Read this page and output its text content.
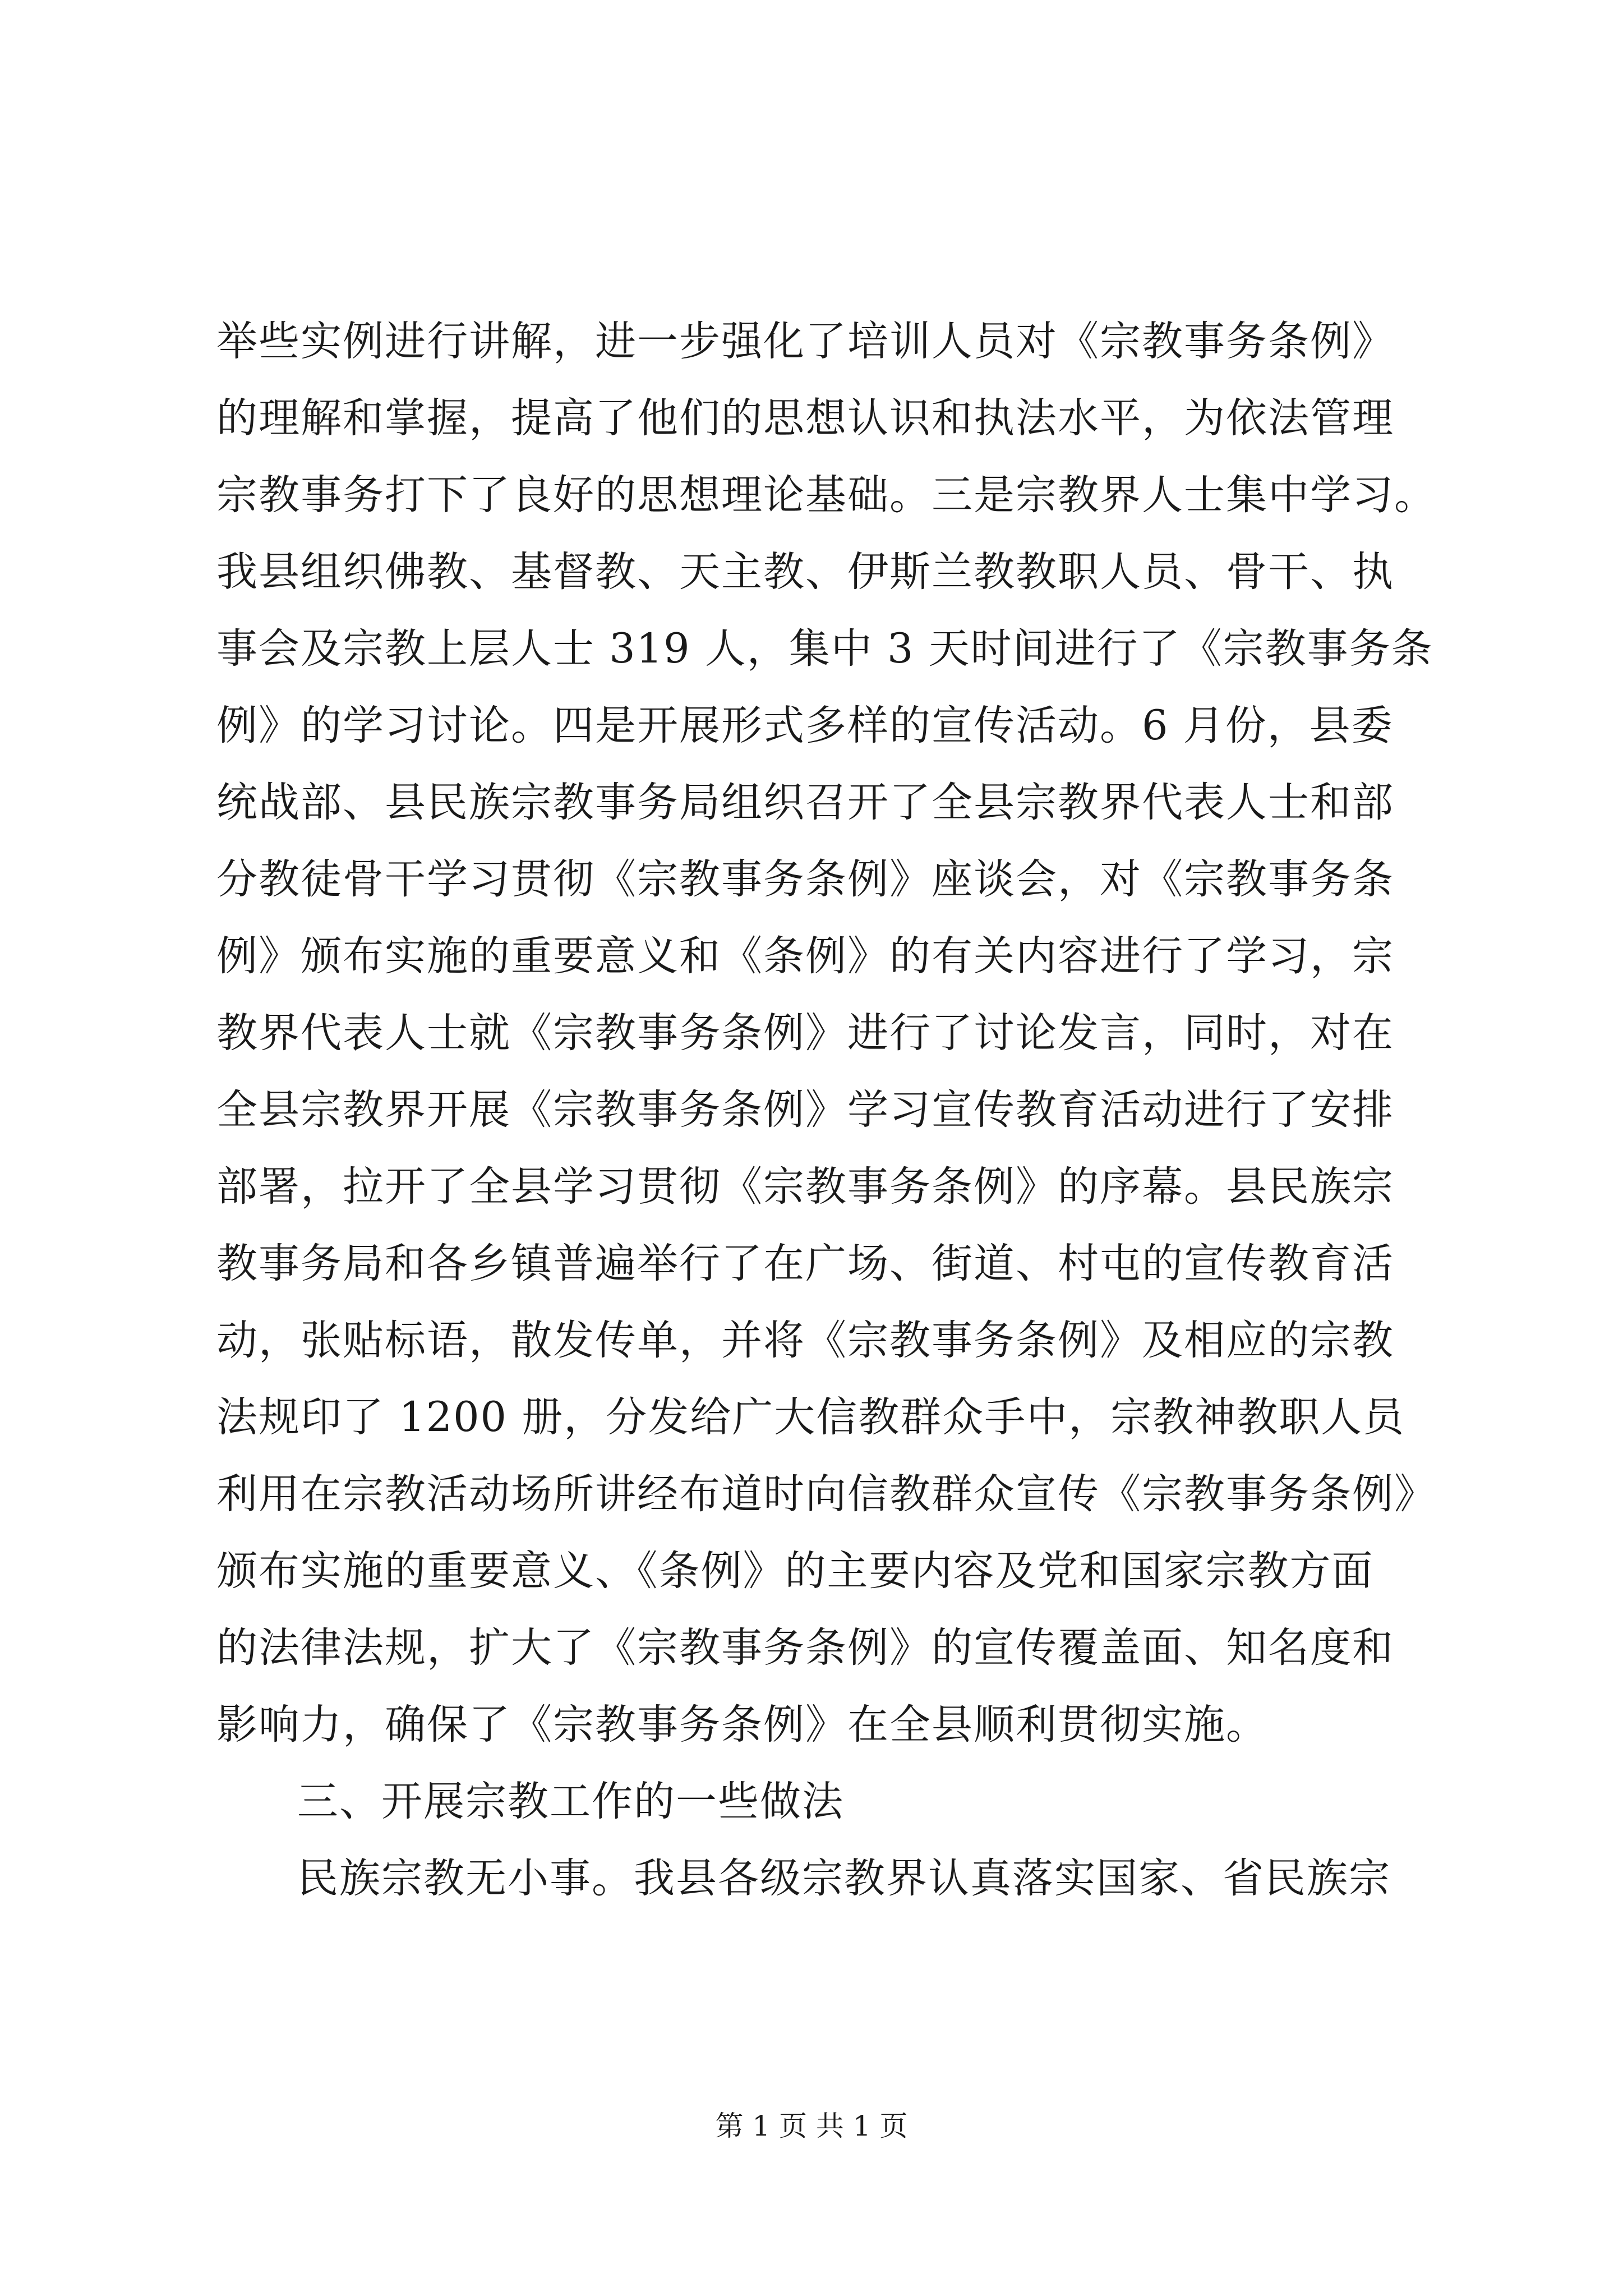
举些实例进行讲解，进一步强化了培训人员对《宗教事务条例》
的理解和掌握，提高了他们的思想认识和执法水平，为依法管理
宗教事务打下了良好的思想理论基础。三是宗教界人士集中学习。
我县组织佛教、基督教、天主教、伊斯兰教教职人员、骨干、执
事会及宗教上层人士 319 人，集中 3 天时间进行了《宗教事务条
例》的学习讨论。四是开展形式多样的宣传活动。6 月份，县委
统战部、县民族宗教事务局组织召开了全县宗教界代表人士和部
分教徒骨干学习贯彻《宗教事务条例》座谈会，对《宗教事务条
例》颁布实施的重要意义和《条例》的有关内容进行了学习，宗
教界代表人士就《宗教事务条例》进行了讨论发言，同时，对在
全县宗教界开展《宗教事务条例》学习宣传教育活动进行了安排
部署，拉开了全县学习贯彻《宗教事务条例》的序幕。县民族宗
教事务局和各乡镇普遍举行了在广场、街道、村屯的宣传教育活
动，张贴标语，散发传单，并将《宗教事务条例》及相应的宗教
法规印了 1200 册，分发给广大信教群众手中，宗教神教职人员
利用在宗教活动场所讲经布道时向信教群众宣传《宗教事务条例》
颁布实施的重要意义、《条例》的主要内容及党和国家宗教方面
的法律法规，扩大了《宗教事务条例》的宣传覆盖面、知名度和
影响力，确保了《宗教事务条例》在全县顺利贯彻实施。
三、开展宗教工作的一些做法
民族宗教无小事。我县各级宗教界认真落实国家、省民族宗
第 1 页 共 1 页
